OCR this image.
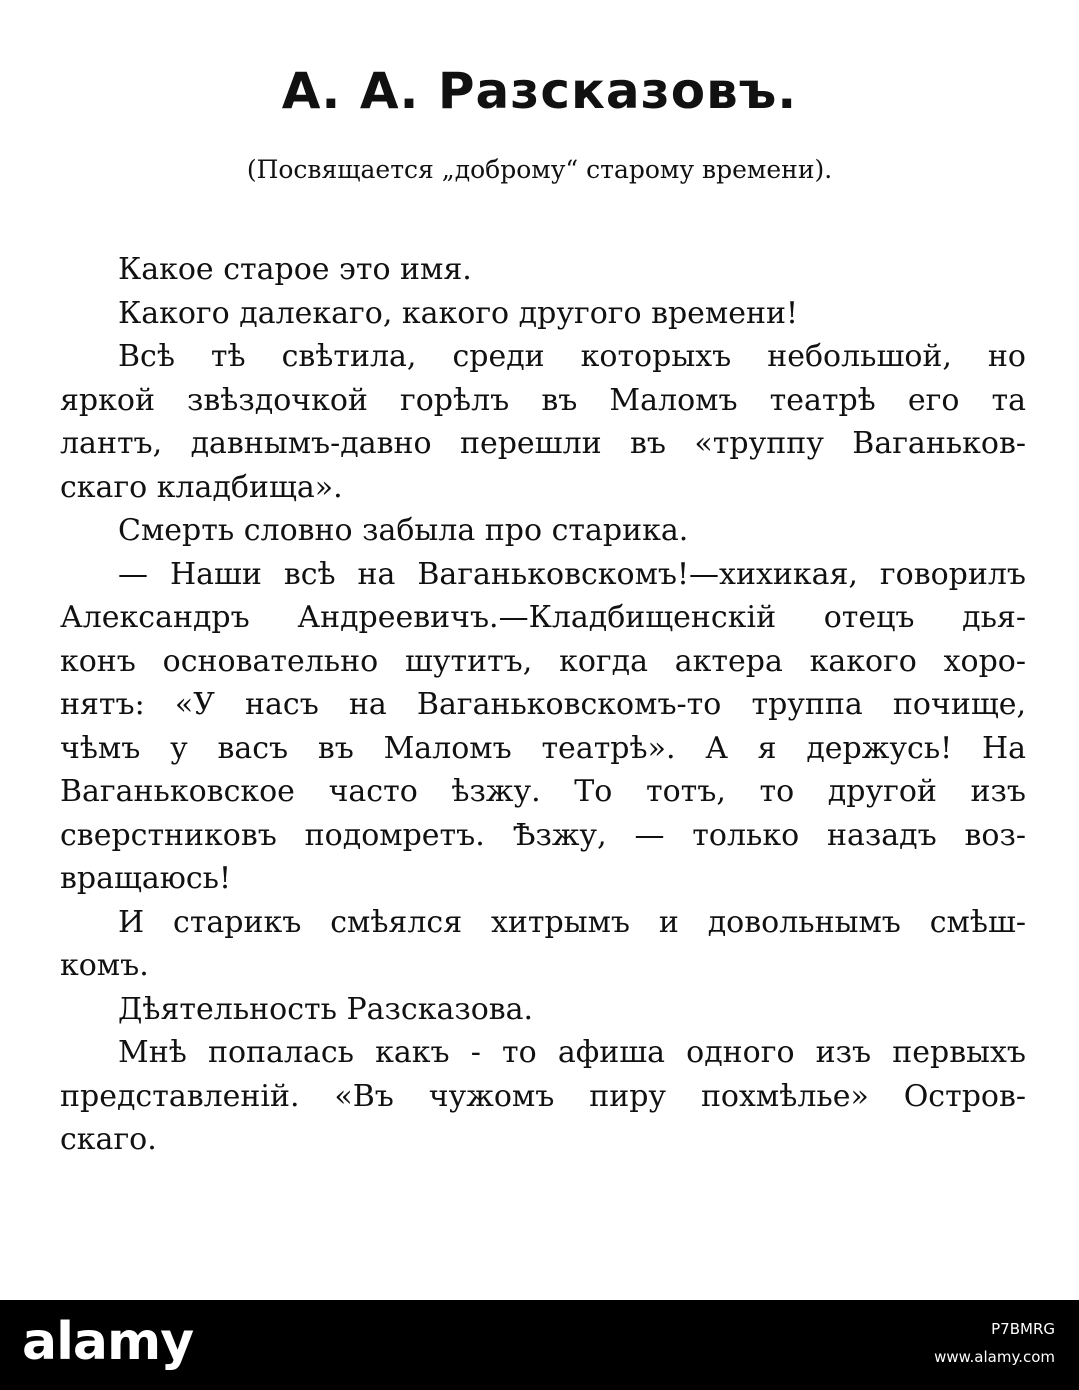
А. А. Разсказовъ.

(Посвящается „доброму“ старому времени).

Какое старое это имя.

Какого далекаго, какого другого времени!

Всѣ тѣ свѣтила, среди которыхъ небольшой, но

яркой звѣздочкой горѣлъ въ Маломъ театрѣ его та

лантъ, давнымъ-давно перешли въ «труппу Ваганьков-

скаго кладбища».

Смерть словно забыла про старика.

— Наши всѣ на Ваганьковскомъ!—хихикая, говорилъ

Александръ Андреевичъ.—Кладбищенскій отецъ дья-

конъ основательно шутитъ, когда актера какого хоро-

нятъ: «У насъ на Ваганьковскомъ-то труппа почище,

чѣмъ у васъ въ Маломъ театрѣ». А я держусь! На

Ваганьковское часто ѣзжу. То тотъ, то другой изъ

сверстниковъ подомретъ. Ѣзжу, — только назадъ воз-

вращаюсь!

И старикъ смѣялся хитрымъ и довольнымъ смѣш-

комъ.

Дѣятельность Разсказова.

Мнѣ попалась какъ - то афиша одного изъ первыхъ

представленій. «Въ чужомъ пиру похмѣлье» Остров-

скаго.

alamy	P7BMRG
www.alamy.com
